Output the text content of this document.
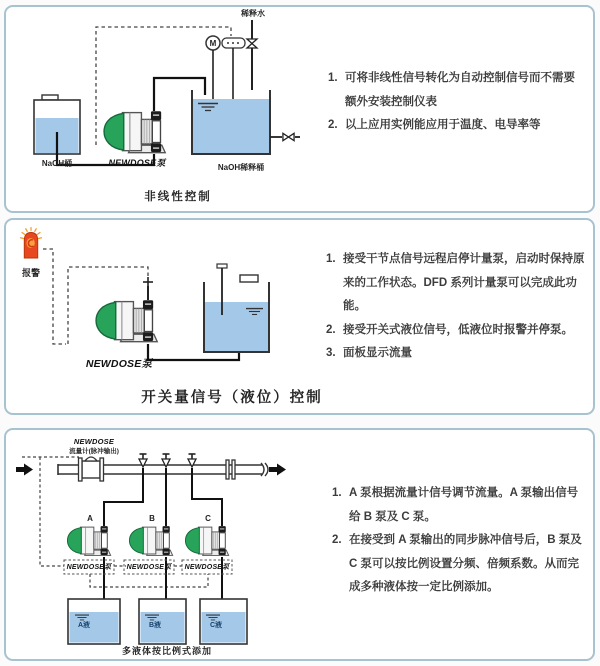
M
稀释水
NaOH桶	NEWDOSE泵	NaOH稀释桶
非线性控制
1. 可将非线性信号转化为自动控制信号而不需要额外安装控制仪表
2. 以上应用实例能应用于温度、电导率等
报警
NEWDOSE泵
开关量信号（液位）控制
1. 接受干节点信号远程启停计量泵，启动时保持原来的工作状态。DFD 系列计量泵可以完成此功能。
2. 接受开关式液位信号，低液位时报警并停泵。
3. 面板显示流量
NEWDOSE
流量计(脉冲输出)
A	B	C
NEWDOSE泵 NEWDOSE泵 NEWDOSE泵
A液	B液	C液
多液体按比例式添加
1. A 泵根据流量计信号调节流量。A 泵输出信号给 B 泵及 C 泵。
2. 在接受到 A 泵输出的同步脉冲信号后，B 泵及 C 泵可以按比例设置分频、倍频系数。从而完成多种液体按一定比例添加。
